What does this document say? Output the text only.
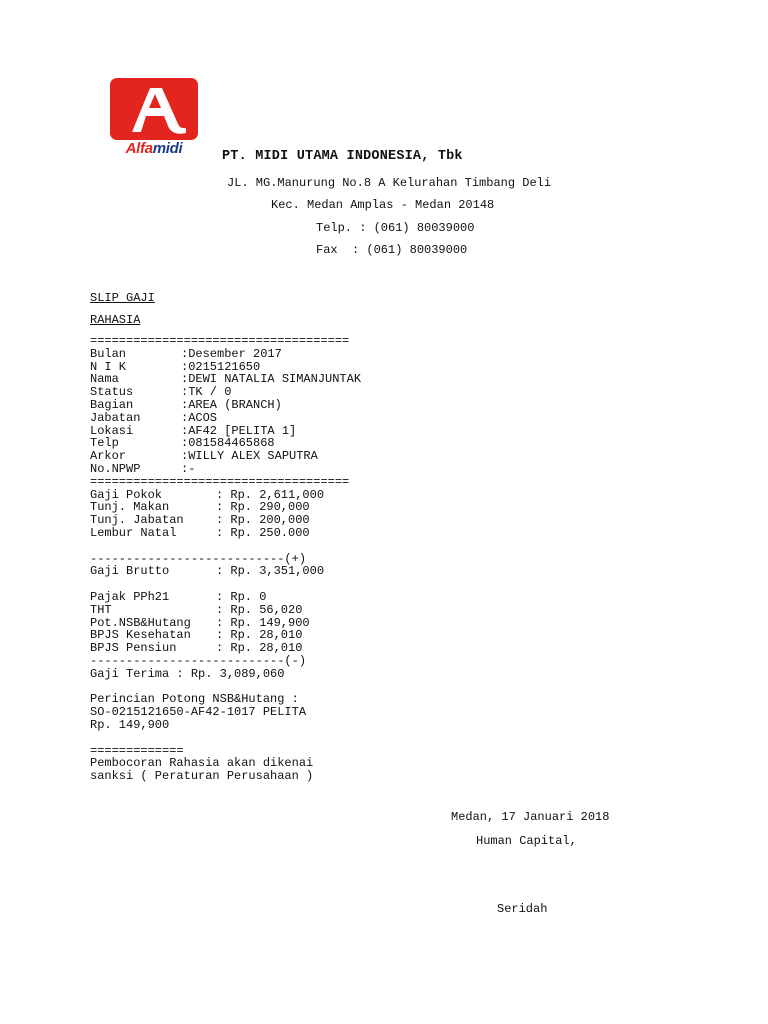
Alfamidi	PT. MIDI UTAMA INDONESIA, Tbk
JL. MG.Manurung No.8 A Kelurahan Timbang Deli
Kec. Medan Amplas - Medan 20148
Telp. : (061) 80039000
Fax  : (061) 80039000
SLIP GAJI
RAHASIA
====================================
Bulan	:Desember 2017
N I K	:0215121650
Nama	:DEWI NATALIA SIMANJUNTAK
Status	:TK / 0
Bagian	:AREA (BRANCH)
Jabatan	:ACOS
Lokasi	:AF42 [PELITA 1]
Telp	:081584465868
Arkor	:WILLY ALEX SAPUTRA
No.NPWP	:-
====================================
Gaji Pokok	: Rp. 2,611,000
Tunj. Makan	: Rp. 290,000
Tunj. Jabatan	: Rp. 200,000
Lembur Natal	: Rp. 250.000
---------------------------(+)
Gaji Brutto	: Rp. 3,351,000
Pajak PPh21	: Rp. 0
THT	: Rp. 56,020
Pot.NSB&Hutang	: Rp. 149,900
BPJS Kesehatan	: Rp. 28,010
BPJS Pensiun	: Rp. 28,010
---------------------------(-)
Gaji Terima : Rp. 3,089,060
Perincian Potong NSB&Hutang :
SO-0215121650-AF42-1017 PELITA
Rp. 149,900
=============
Pembocoran Rahasia akan dikenai
sanksi ( Peraturan Perusahaan )
Medan, 17 Januari 2018
Human Capital,
Seridah
